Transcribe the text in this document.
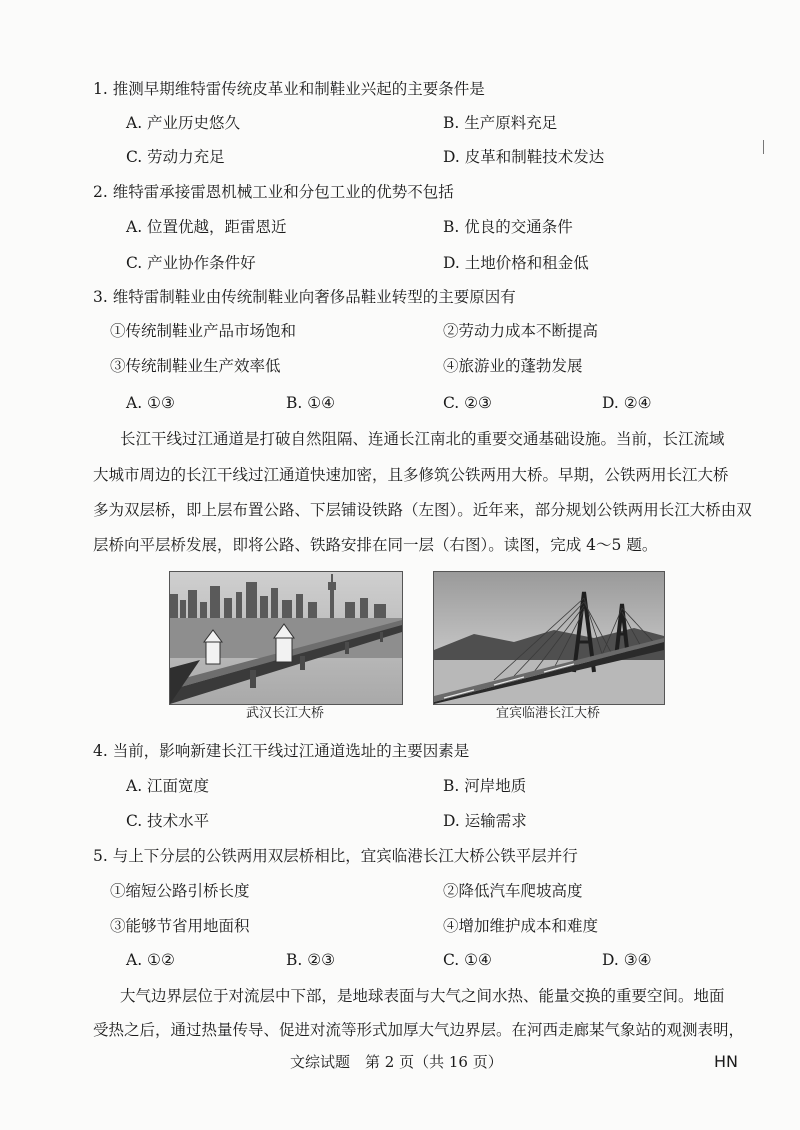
1. 推测早期维特雷传统皮革业和制鞋业兴起的主要条件是
A. 产业历史悠久	B. 生产原料充足
C. 劳动力充足	D. 皮革和制鞋技术发达
2. 维特雷承接雷恩机械工业和分包工业的优势不包括
A. 位置优越，距雷恩近	B. 优良的交通条件
C. 产业协作条件好	D. 土地价格和租金低
3. 维特雷制鞋业由传统制鞋业向奢侈品鞋业转型的主要原因有
①传统制鞋业产品市场饱和	②劳动力成本不断提高
③传统制鞋业生产效率低	④旅游业的蓬勃发展
A. ①③	B. ①④	C. ②③	D. ②④
长江干线过江通道是打破自然阻隔、连通长江南北的重要交通基础设施。当前，长江流域
大城市周边的长江干线过江通道快速加密，且多修筑公铁两用大桥。早期，公铁两用长江大桥
多为双层桥，即上层布置公路、下层铺设铁路（左图）。近年来，部分规划公铁两用长江大桥由双
层桥向平层桥发展，即将公路、铁路安排在同一层（右图）。读图，完成 4～5 题。
武汉长江大桥	宜宾临港长江大桥
4. 当前，影响新建长江干线过江通道选址的主要因素是
A. 江面宽度	B. 河岸地质
C. 技术水平	D. 运输需求
5. 与上下分层的公铁两用双层桥相比，宜宾临港长江大桥公铁平层并行
①缩短公路引桥长度	②降低汽车爬坡高度
③能够节省用地面积	④增加维护成本和难度
A. ①②	B. ②③	C. ①④	D. ③④
大气边界层位于对流层中下部，是地球表面与大气之间水热、能量交换的重要空间。地面
受热之后，通过热量传导、促进对流等形式加厚大气边界层。在河西走廊某气象站的观测表明，
文综试题　第 2 页（共 16 页）	HN
